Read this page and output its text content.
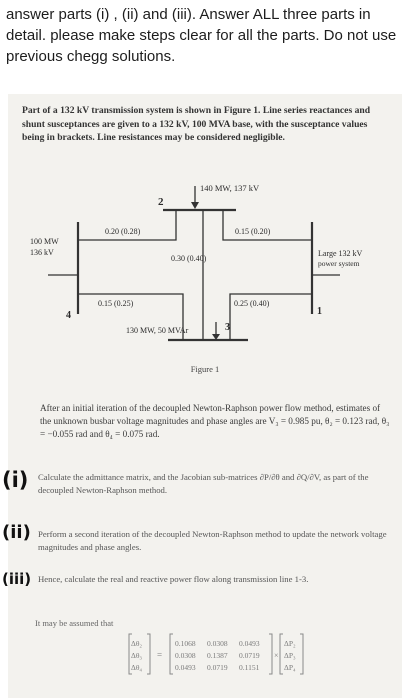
answer parts (i) , (ii) and (iii). Answer ALL three parts in detail. please make steps clear for all the parts. Do not use previous chegg solutions.
Part of a 132 kV transmission system is shown in Figure 1. Line series reactances and shunt susceptances are given to a 132 kV, 100 MVA base, with the susceptance values being in brackets. Line resistances may be considered negligible.
2
140 MW, 137 kV
100 MW
136 kV
4
0.20 (0.28)	0.15 (0.20)
0.30 (0.40)
0.15 (0.25)	0.25 (0.40)
Large 132 kV
power system
1
130 MW, 50 MVAr	3
Figure 1
After an initial iteration of the decoupled Newton-Raphson power flow method, estimates of the unknown busbar voltage magnitudes and phase angles are V₃ = 0.985 pu, θ₂ = 0.123 rad, θ₃ = −0.055 rad and θ₄ = 0.075 rad.
(i) Calculate the admittance matrix, and the Jacobian sub-matrices ∂P/∂θ and ∂Q/∂V, as part of the decoupled Newton-Raphson method.
(ii) Perform a second iteration of the decoupled Newton-Raphson method to update the network voltage magnitudes and phase angles.
(iii) Hence, calculate the real and reactive power flow along transmission line 1-3.
It may be assumed that
=	×
Δθ₂
Δθ₃
Δθ₄
0.1068 0.0308 0.0493
0.0308 0.1387 0.0719
0.0493 0.0719 0.1151
ΔP₂
ΔP₃
ΔP₄
